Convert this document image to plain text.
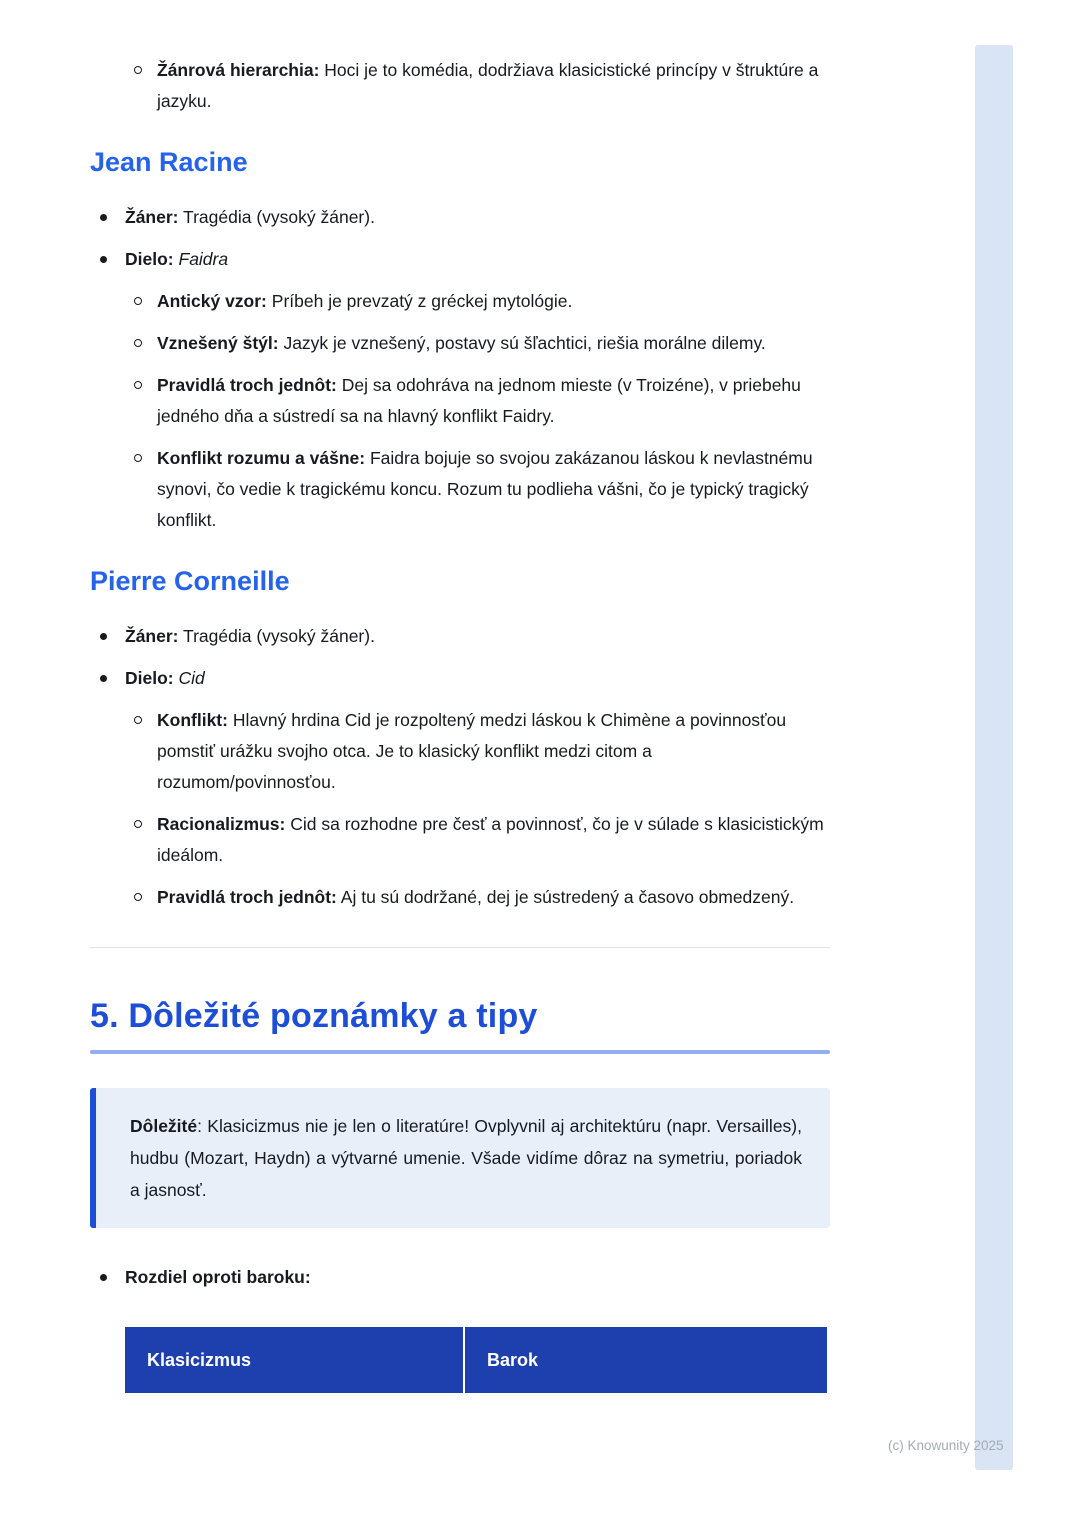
Žánrová hierarchia: Hoci je to komédia, dodržiava klasicistické princípy v štruktúre a jazyku.

Jean Racine

Žáner: Tragédia (vysoký žáner).

Dielo: Faidra

Antický vzor: Príbeh je prevzatý z gréckej mytológie.

Vznešený štýl: Jazyk je vznešený, postavy sú šľachtici, riešia morálne dilemy.

Pravidlá troch jednôt: Dej sa odohráva na jednom mieste (v Troizéne), v priebehu jedného dňa a sústredí sa na hlavný konflikt Faidry.

Konflikt rozumu a vášne: Faidra bojuje so svojou zakázanou láskou k nevlastnému synovi, čo vedie k tragickému koncu. Rozum tu podlieha vášni, čo je typický tragický konflikt.

Pierre Corneille

Žáner: Tragédia (vysoký žáner).

Dielo: Cid

Konflikt: Hlavný hrdina Cid je rozpoltený medzi láskou k Chimène a povinnosťou pomstiť urážku svojho otca. Je to klasický konflikt medzi citom a rozumom/povinnosťou.

Racionalizmus: Cid sa rozhodne pre česť a povinnosť, čo je v súlade s klasicistickým ideálom.

Pravidlá troch jednôt: Aj tu sú dodržané, dej je sústredený a časovo obmedzený.

5. Dôležité poznámky a tipy

Dôležité: Klasicizmus nie je len o literatúre! Ovplyvnil aj architektúru (napr. Versailles), hudbu (Mozart, Haydn) a výtvarné umenie. Všade vidíme dôraz na symetriu, poriadok a jasnosť.

Rozdiel oproti baroku:

Klasicizmus	Barok
(c) Knowunity 2025
